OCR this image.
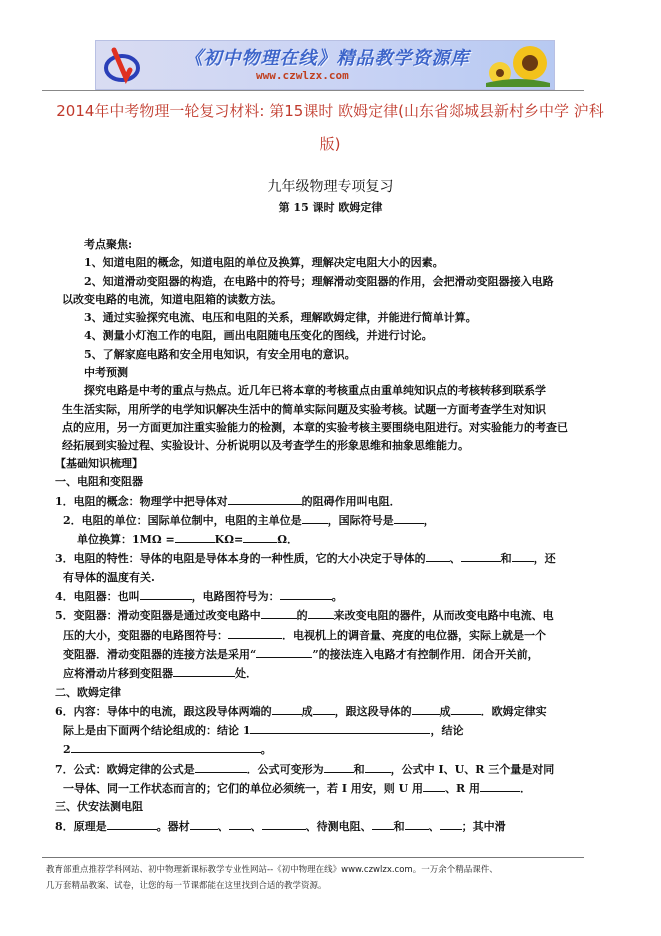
《初中物理在线》精品教学资源库
www.czwlzx.com
2014年中考物理一轮复习材料: 第15课时 欧姆定律(山东省郯城县新村乡中学 沪科版)
九年级物理专项复习
第 15 课时 欧姆定律
考点聚焦:
1、知道电阻的概念，知道电阻的单位及换算，理解决定电阻大小的因素。
2、知道滑动变阻器的构造，在电路中的符号；理解滑动变阻器的作用，会把滑动变阻器接入电路
以改变电路的电流，知道电阻箱的读数方法。
3、通过实验探究电流、电压和电阻的关系，理解欧姆定律，并能进行简单计算。
4、测量小灯泡工作的电阻，画出电阻随电压变化的图线，并进行讨论。
5、了解家庭电路和安全用电知识，有安全用电的意识。
中考预测
探究电路是中考的重点与热点。近几年已将本章的考核重点由重单纯知识点的考核转移到联系学
生生活实际，用所学的电学知识解决生活中的简单实际问题及实验考核。试题一方面考查学生对知识
点的应用，另一方面更加注重实验能力的检测，本章的实验考核主要围绕电阻进行。对实验能力的考查已
经拓展到实验过程、实验设计、分析说明以及考查学生的形象思维和抽象思维能力。
【基础知识梳理】
一、电阻和变阻器
1．电阻的概念：物理学中把导体对	的阻碍作用叫电阻．
2．电阻的单位：国际单位制中，电阻的主单位是 ，国际符号是	，
单位换算：1MΩ =	KΩ=	Ω．
3．电阻的特性：导体的电阻是导体本身的一种性质，它的大小决定于导体的 、	和 ，还
有导体的温度有关.
4．电阻器：也叫	，电路图符号为：	。
5．变阻器：滑动变阻器是通过改变电路中	的 来改变电阻的器件，从而改变电路中电流、电
压的大小，变阻器的电路图符号：	．电视机上的调音量、亮度的电位器，实际上就是一个
变阻器．滑动变阻器的连接方法是采用“	”的接法连入电路才有控制作用．闭合开关前，
应将滑动片移到变阻器	处．
二、欧姆定律
6．内容：导体中的电流，跟这段导体两端的	成 ，跟这段导体的	成	．欧姆定律实
际上是由下面两个结论组成的：结论 1	，结论
2	。
7．公式：欧姆定律的公式是	．公式可变形为	和 ，公式中 I、U、R 三个量是对同
一导体、同一工作状态而言的；它们的单位必须统一，若 I 用安，则 U 用 、R 用	．
三、伏安法测电阻
8．原理是	。器材	、 、	、待测电阻、 和 、 ；其中滑
教育部重点推荐学科网站、初中物理新课标教学专业性网站--《初中物理在线》www.czwlzx.com。一万余个精品课件、
几万套精品教案、试卷，让您的每一节课都能在这里找到合适的教学资源。
